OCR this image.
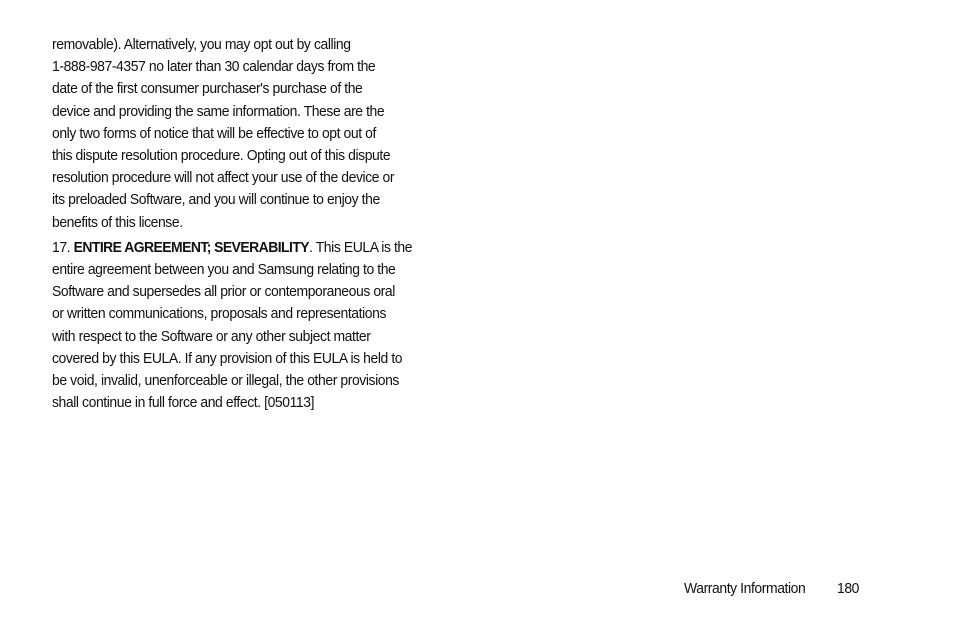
removable). Alternatively, you may opt out by calling
1-888-987-4357 no later than 30 calendar days from the
date of the first consumer purchaser's purchase of the
device and providing the same information. These are the
only two forms of notice that will be effective to opt out of
this dispute resolution procedure. Opting out of this dispute
resolution procedure will not affect your use of the device or
its preloaded Software, and you will continue to enjoy the
benefits of this license.

17. ENTIRE AGREEMENT; SEVERABILITY. This EULA is the
entire agreement between you and Samsung relating to the
Software and supersedes all prior or contemporaneous oral
or written communications, proposals and representations
with respect to the Software or any other subject matter
covered by this EULA. If any provision of this EULA is held to
be void, invalid, unenforceable or illegal, the other provisions
shall continue in full force and effect. [050113]

Warranty Information 180
